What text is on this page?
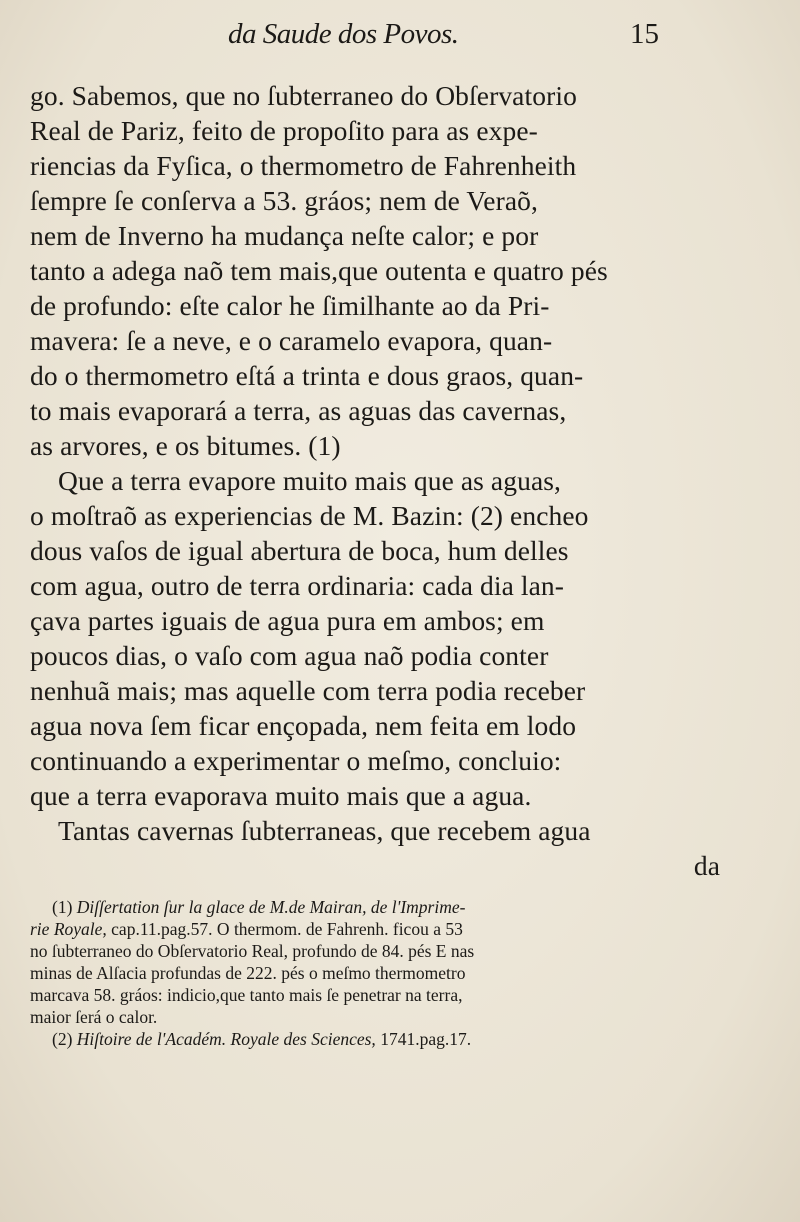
da Saude dos Povos.	15
go. Sabemos, que no ſubterraneo do Obſervatorio
Real de Pariz, feito de propoſito para as expe-
riencias da Fyſica, o thermometro de Fahrenheith
ſempre ſe conſerva a 53. gráos; nem de Veraõ,
nem de Inverno ha mudança neſte calor; e por
tanto a adega naõ tem mais,que outenta e quatro pés
de profundo: eſte calor he ſimilhante ao da Pri-
mavera: ſe a neve, e o caramelo evapora, quan-
do o thermometro eſtá a trinta e dous graos, quan-
to mais evaporará a terra, as aguas das cavernas,
as arvores, e os bitumes. (1)
Que a terra evapore muito mais que as aguas,
o moſtraõ as experiencias de M. Bazin: (2) encheo
dous vaſos de igual abertura de boca, hum delles
com agua, outro de terra ordinaria: cada dia lan-
çava partes iguais de agua pura em ambos; em
poucos dias, o vaſo com agua naõ podia conter
nenhuã mais; mas aquelle com terra podia receber
agua nova ſem ficar ençopada, nem feita em lodo
continuando a experimentar o meſmo, concluio:
que a terra evaporava muito mais que a agua.
Tantas cavernas ſubterraneas, que recebem agua
da
(1) Diſſertation ſur la glace de M.de Mairan, de l'Imprime-
rie Royale, cap.11.pag.57. O thermom. de Fahrenh. ficou a 53
no ſubterraneo do Obſervatorio Real, profundo de 84. pés E nas
minas de Alſacia profundas de 222. pés o meſmo thermometro
marcava 58. gráos: indicio,que tanto mais ſe penetrar na terra,
maior ſerá o calor.
(2) Hiſtoire de l'Académ. Royale des Sciences, 1741.pag.17.
